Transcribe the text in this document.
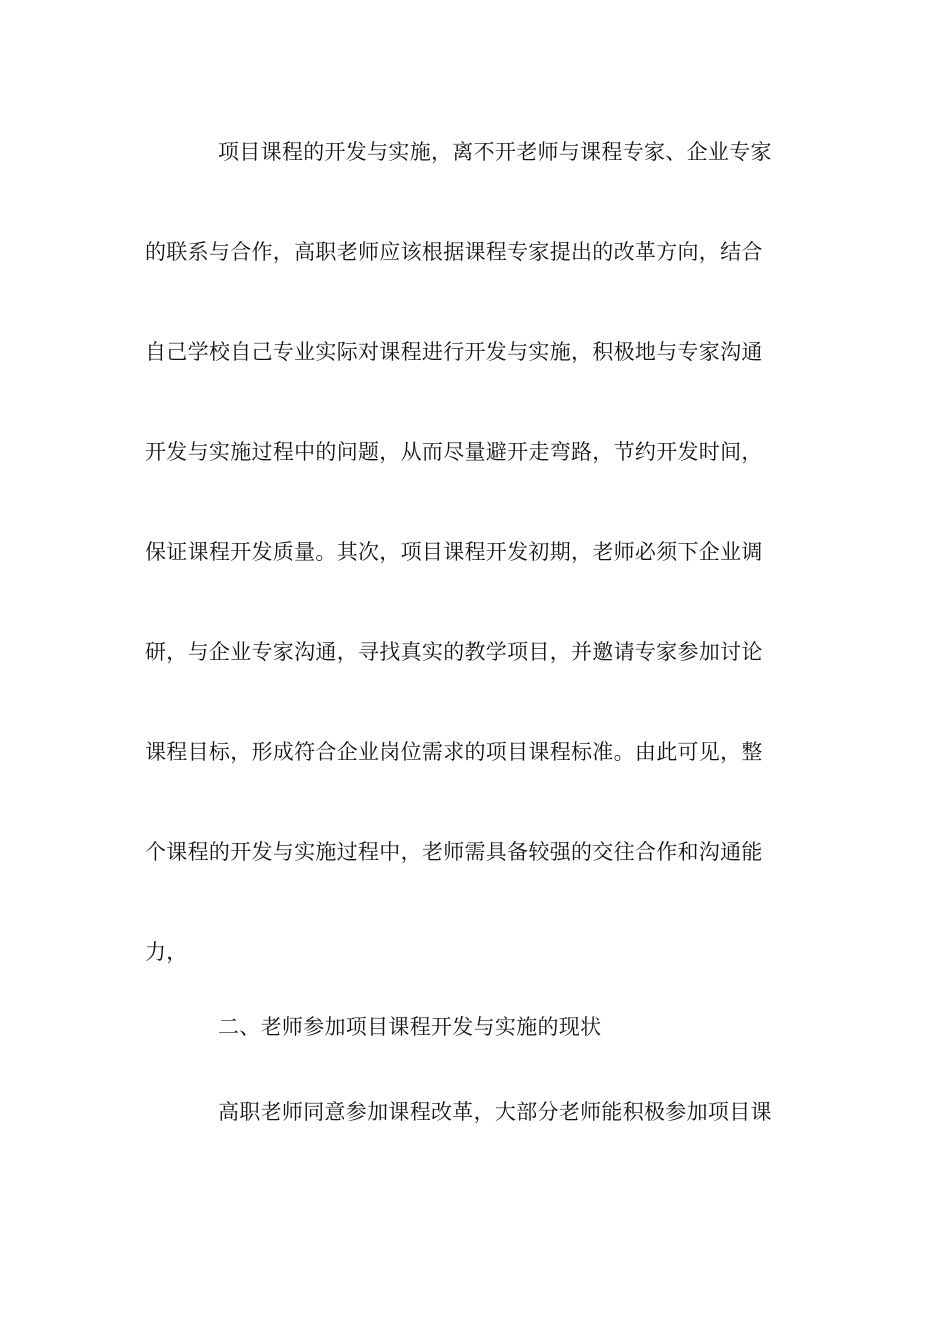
项目课程的开发与实施，离不开老师与课程专家、企业专家
的联系与合作，高职老师应该根据课程专家提出的改革方向，结合
自己学校自己专业实际对课程进行开发与实施，积极地与专家沟通
开发与实施过程中的问题，从而尽量避开走弯路，节约开发时间，
保证课程开发质量。其次，项目课程开发初期，老师必须下企业调
研，与企业专家沟通，寻找真实的教学项目，并邀请专家参加讨论
课程目标，形成符合企业岗位需求的项目课程标准。由此可见，整
个课程的开发与实施过程中，老师需具备较强的交往合作和沟通能
力，
二、老师参加项目课程开发与实施的现状
高职老师同意参加课程改革，大部分老师能积极参加项目课
